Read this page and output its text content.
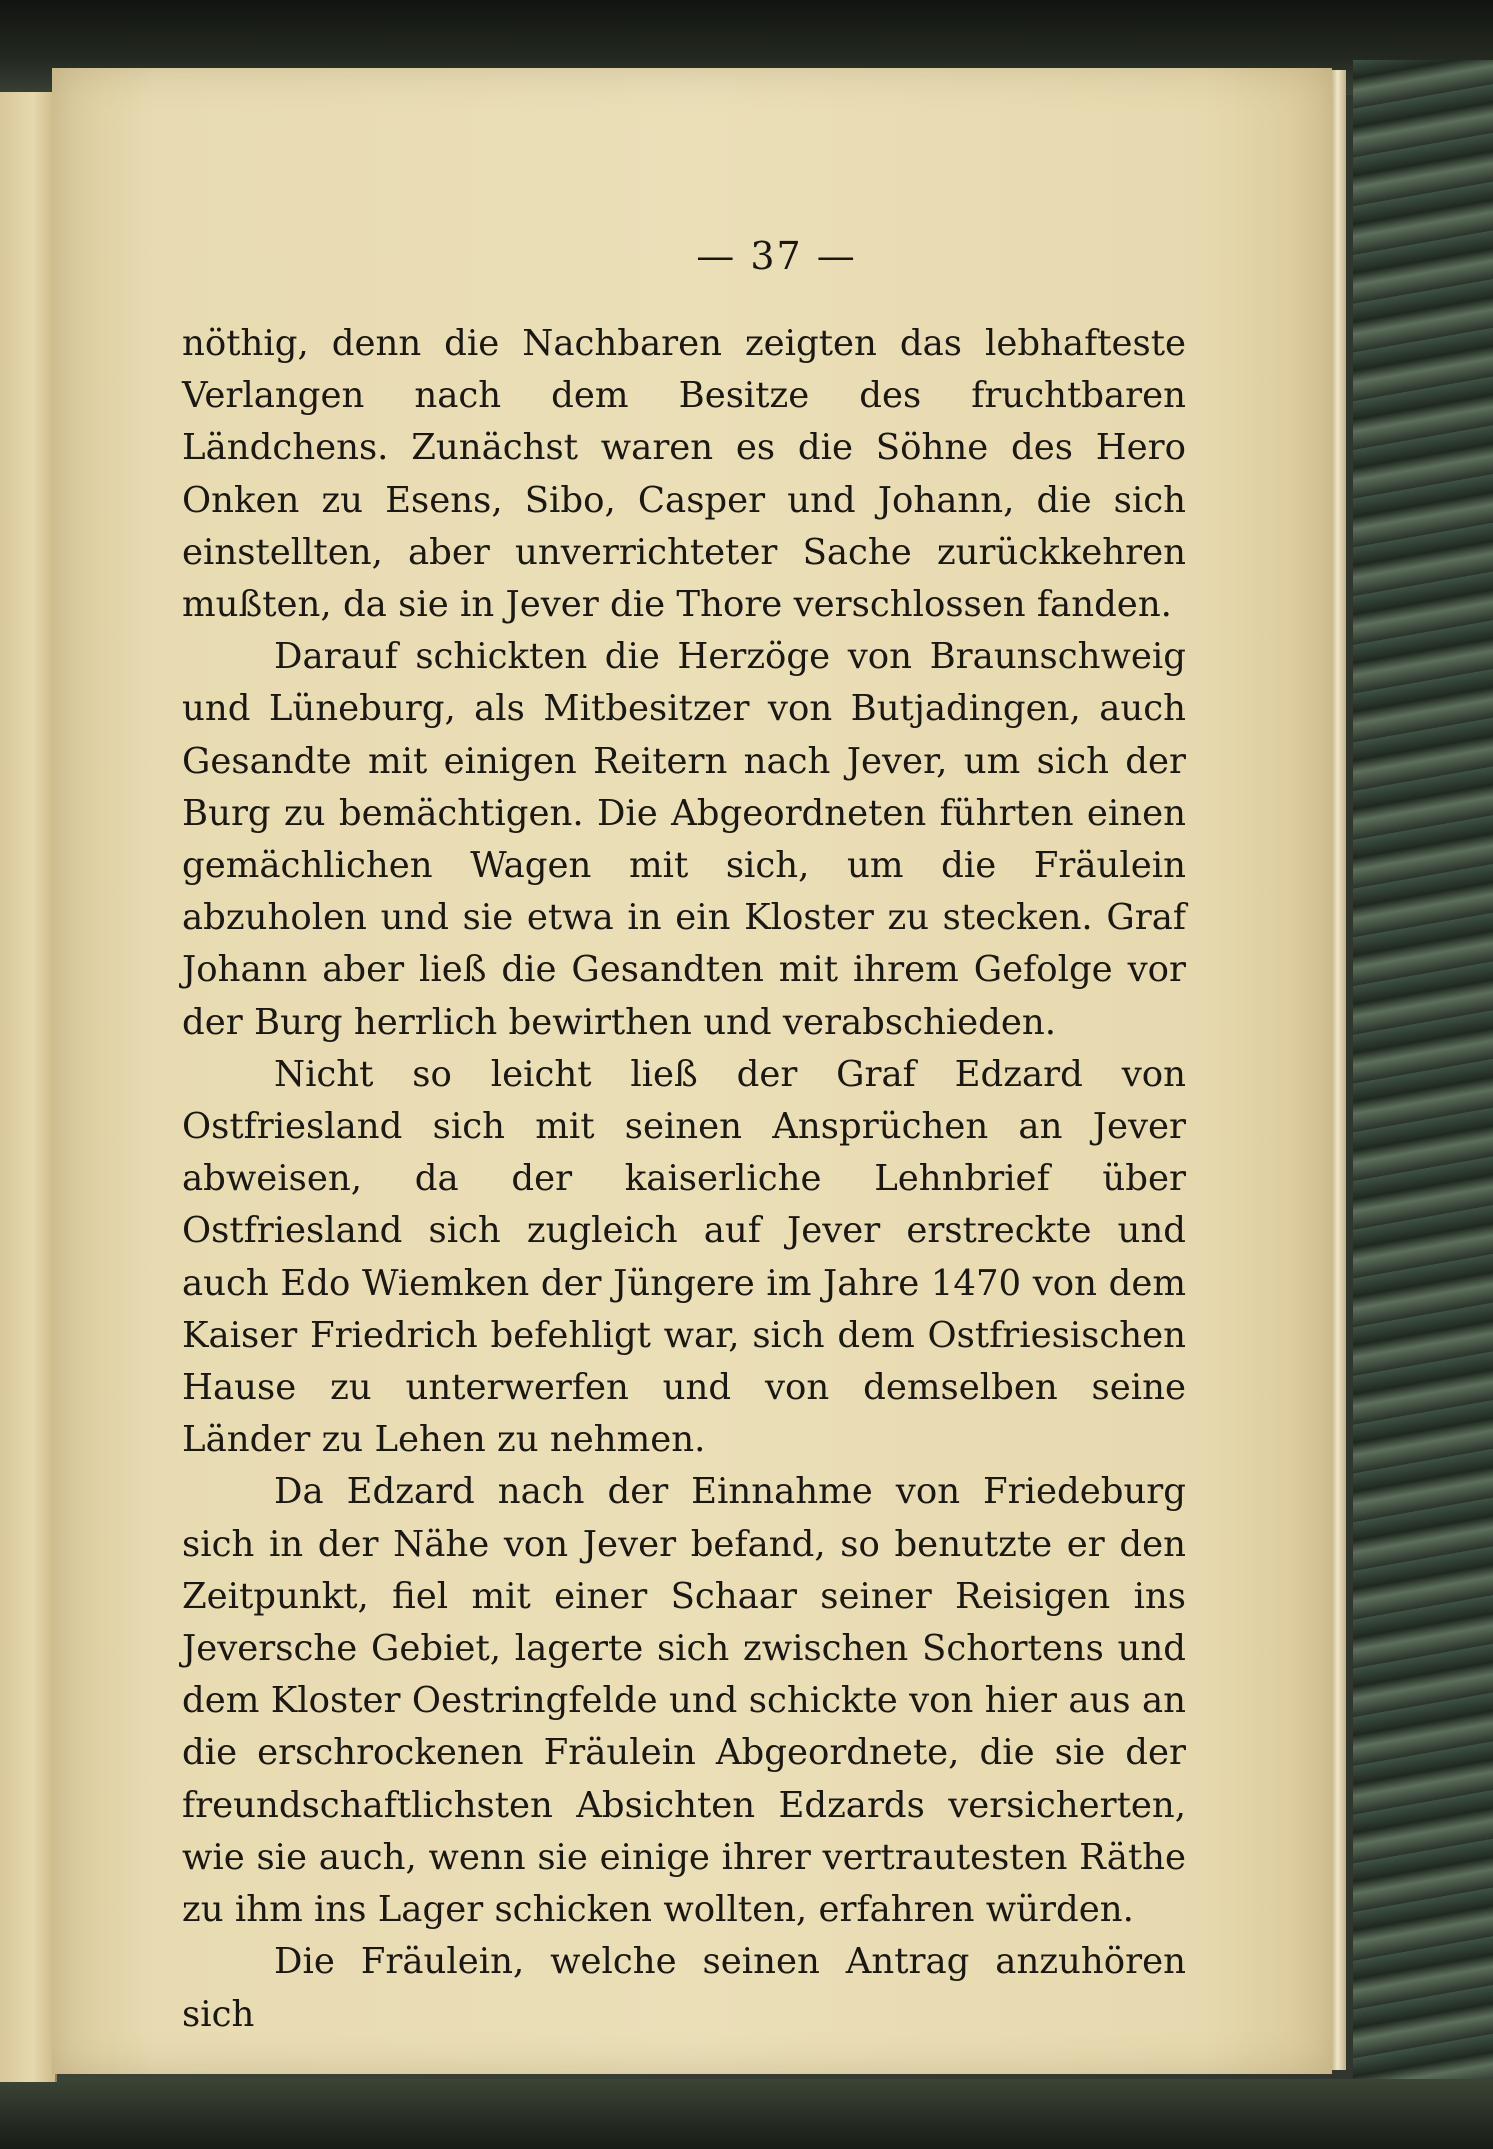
— 37 —

nöthig, denn die Nachbaren zeigten das lebhafteste Verlangen nach dem Besitze des fruchtbaren Ländchens. Zunächst waren es die Söhne des Hero Onken zu Esens, Sibo, Casper und Johann, die sich einstellten, aber unverrichteter Sache zurückkehren mußten, da sie in Jever die Thore verschlossen fanden.

Darauf schickten die Herzöge von Braunschweig und Lüneburg, als Mitbesitzer von Butjadingen, auch Gesandte mit einigen Reitern nach Jever, um sich der Burg zu bemächtigen. Die Abgeordneten führten einen gemächlichen Wagen mit sich, um die Fräulein abzuholen und sie etwa in ein Kloster zu stecken. Graf Johann aber ließ die Gesandten mit ihrem Gefolge vor der Burg herrlich bewirthen und verabschieden.

Nicht so leicht ließ der Graf Edzard von Ostfriesland sich mit seinen Ansprüchen an Jever abweisen, da der kaiserliche Lehnbrief über Ostfriesland sich zugleich auf Jever erstreckte und auch Edo Wiemken der Jüngere im Jahre 1470 von dem Kaiser Friedrich befehligt war, sich dem Ostfriesischen Hause zu unterwerfen und von demselben seine Länder zu Lehen zu nehmen.

Da Edzard nach der Einnahme von Friedeburg sich in der Nähe von Jever befand, so benutzte er den Zeitpunkt, fiel mit einer Schaar seiner Reisigen ins Jeversche Gebiet, lagerte sich zwischen Schortens und dem Kloster Oestringfelde und schickte von hier aus an die erschrockenen Fräulein Abgeordnete, die sie der freundschaftlichsten Absichten Edzards versicherten, wie sie auch, wenn sie einige ihrer vertrautesten Räthe zu ihm ins Lager schicken wollten, erfahren würden.

Die Fräulein, welche seinen Antrag anzuhören sich
